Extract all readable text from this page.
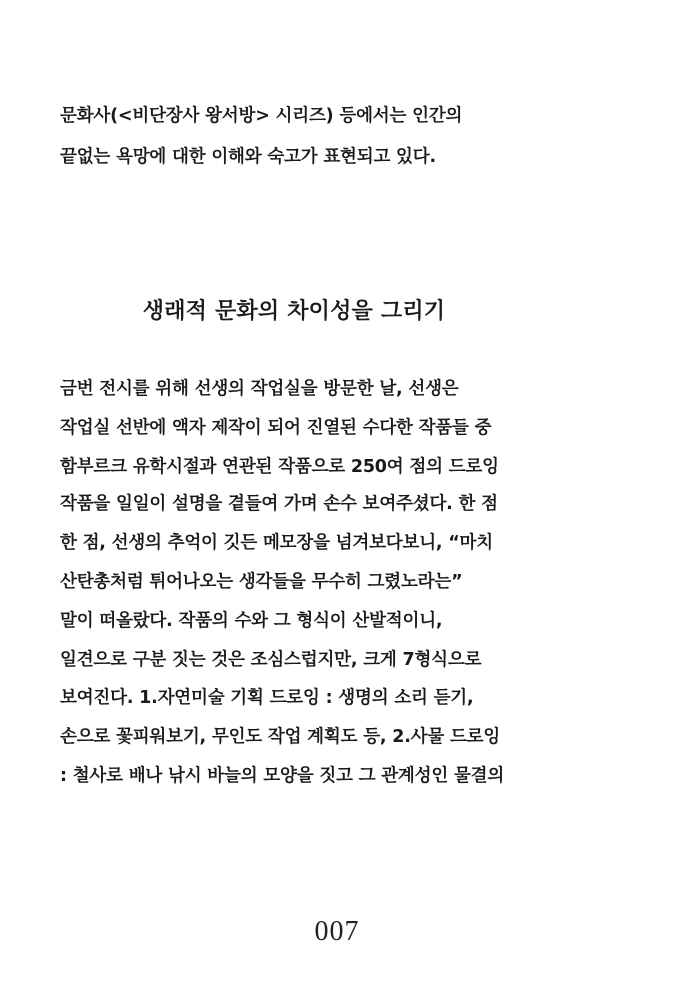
문화사(<비단장사 왕서방> 시리즈) 등에서는 인간의
끝없는 욕망에 대한 이해와 숙고가 표현되고 있다.
생래적 문화의 차이성을 그리기
금번 전시를 위해 선생의 작업실을 방문한 날, 선생은
작업실 선반에 액자 제작이 되어 진열된 수다한 작품들 중
함부르크 유학시절과 연관된 작품으로 250여 점의 드로잉
작품을 일일이 설명을 곁들여 가며 손수 보여주셨다. 한 점
한 점, 선생의 추억이 깃든 메모장을 넘겨보다보니, “마치
산탄총처럼 튀어나오는 생각들을 무수히 그렸노라는”
말이 떠올랐다. 작품의 수와 그 형식이 산발적이니,
일견으로 구분 짓는 것은 조심스럽지만, 크게 7형식으로
보여진다. 1.자연미술 기획 드로잉 : 생명의 소리 듣기,
손으로 꽃피워보기, 무인도 작업 계획도 등, 2.사물 드로잉
: 철사로 배나 낚시 바늘의 모양을 짓고 그 관계성인 물결의
007
